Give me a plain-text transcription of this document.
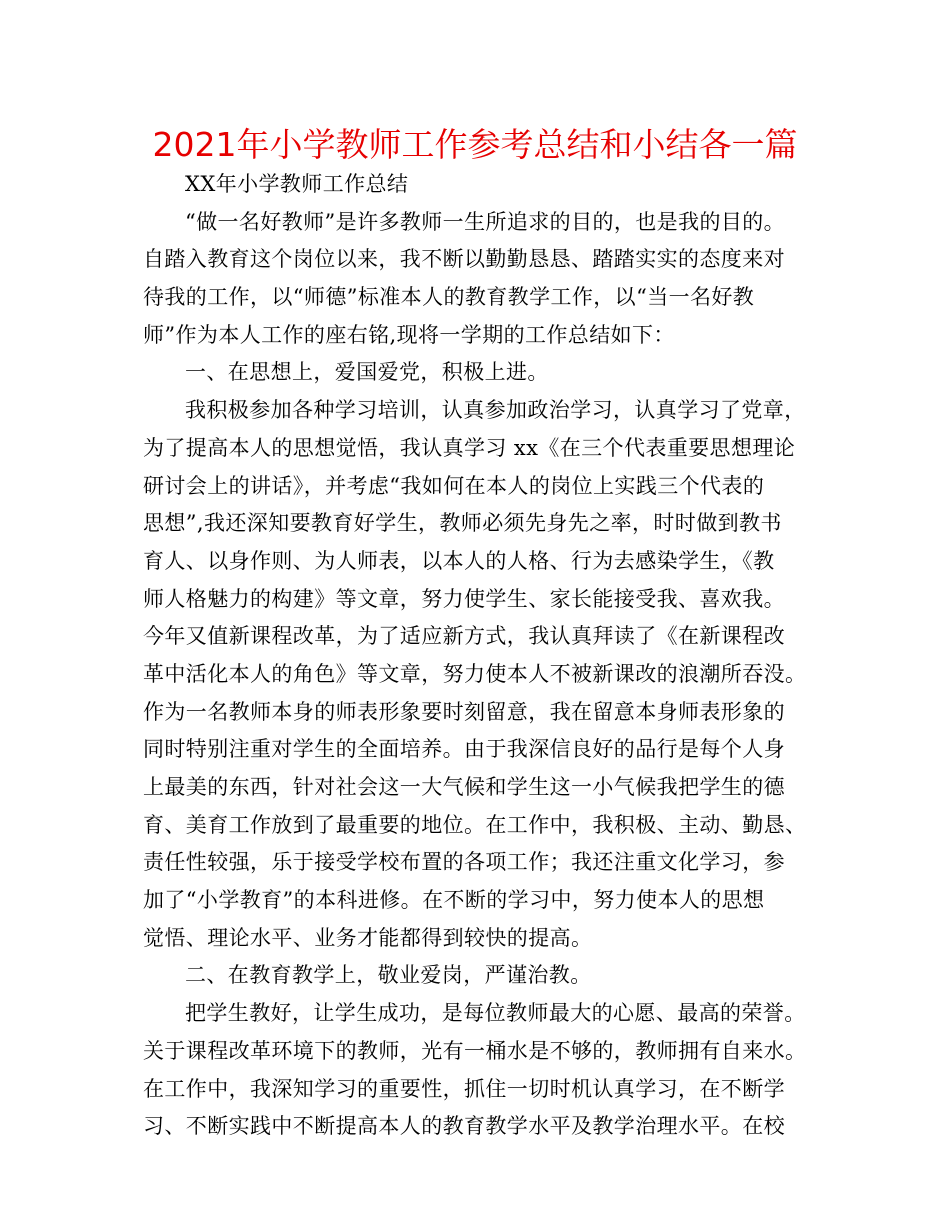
2021年小学教师工作参考总结和小结各一篇
XX年小学教师工作总结
“做一名好教师”是许多教师一生所追求的目的，也是我的目的。
自踏入教育这个岗位以来，我不断以勤勤恳恳、踏踏实实的态度来对
待我的工作，以“师德”标准本人的教育教学工作，以“当一名好教
师”作为本人工作的座右铭,现将一学期的工作总结如下：
一、在思想上，爱国爱党，积极上进。
我积极参加各种学习培训，认真参加政治学习，认真学习了党章，
为了提高本人的思想觉悟，我认真学习 xx《在三个代表重要思想理论
研讨会上的讲话》，并考虑“我如何在本人的岗位上实践三个代表的
思想”,我还深知要教育好学生，教师必须先身先之率，时时做到教书
育人、以身作则、为人师表，以本人的人格、行为去感染学生，《教
师人格魅力的构建》等文章，努力使学生、家长能接受我、喜欢我。
今年又值新课程改革，为了适应新方式，我认真拜读了《在新课程改
革中活化本人的角色》等文章，努力使本人不被新课改的浪潮所吞没。
作为一名教师本身的师表形象要时刻留意，我在留意本身师表形象的
同时特别注重对学生的全面培养。由于我深信良好的品行是每个人身
上最美的东西，针对社会这一大气候和学生这一小气候我把学生的德
育、美育工作放到了最重要的地位。在工作中，我积极、主动、勤恳、
责任性较强，乐于接受学校布置的各项工作；我还注重文化学习，参
加了“小学教育”的本科进修。在不断的学习中，努力使本人的思想
觉悟、理论水平、业务才能都得到较快的提高。
二、在教育教学上，敬业爱岗，严谨治教。
把学生教好，让学生成功，是每位教师最大的心愿、最高的荣誉。
关于课程改革环境下的教师，光有一桶水是不够的，教师拥有自来水。
在工作中，我深知学习的重要性，抓住一切时机认真学习，在不断学
习、不断实践中不断提高本人的教育教学水平及教学治理水平。在校
